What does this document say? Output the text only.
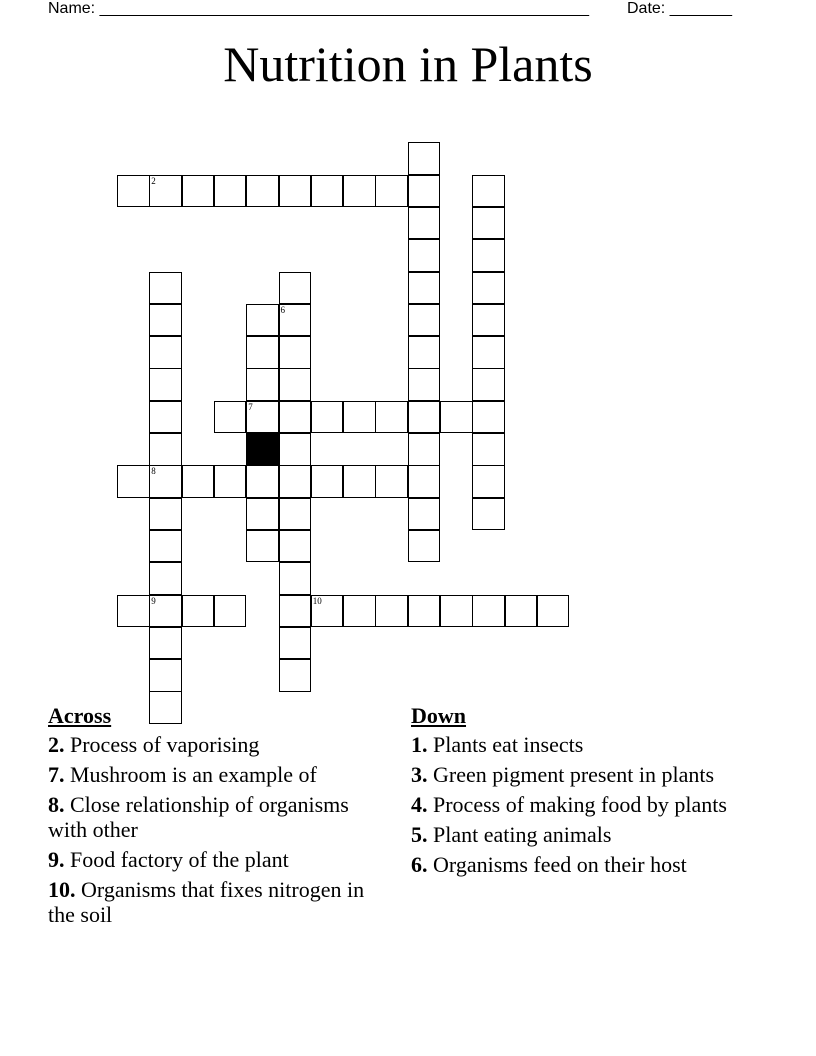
Name: _______________________________________________________ Date: _______
Nutrition in Plants
2
6
7
8
9	10
Across
2. Process of vaporising
7. Mushroom is an example of
8. Close relationship of organisms with other
9. Food factory of the plant
10. Organisms that fixes nitrogen in the soil
Down
1. Plants eat insects
3. Green pigment present in plants
4. Process of making food by plants
5. Plant eating animals
6. Organisms feed on their host
